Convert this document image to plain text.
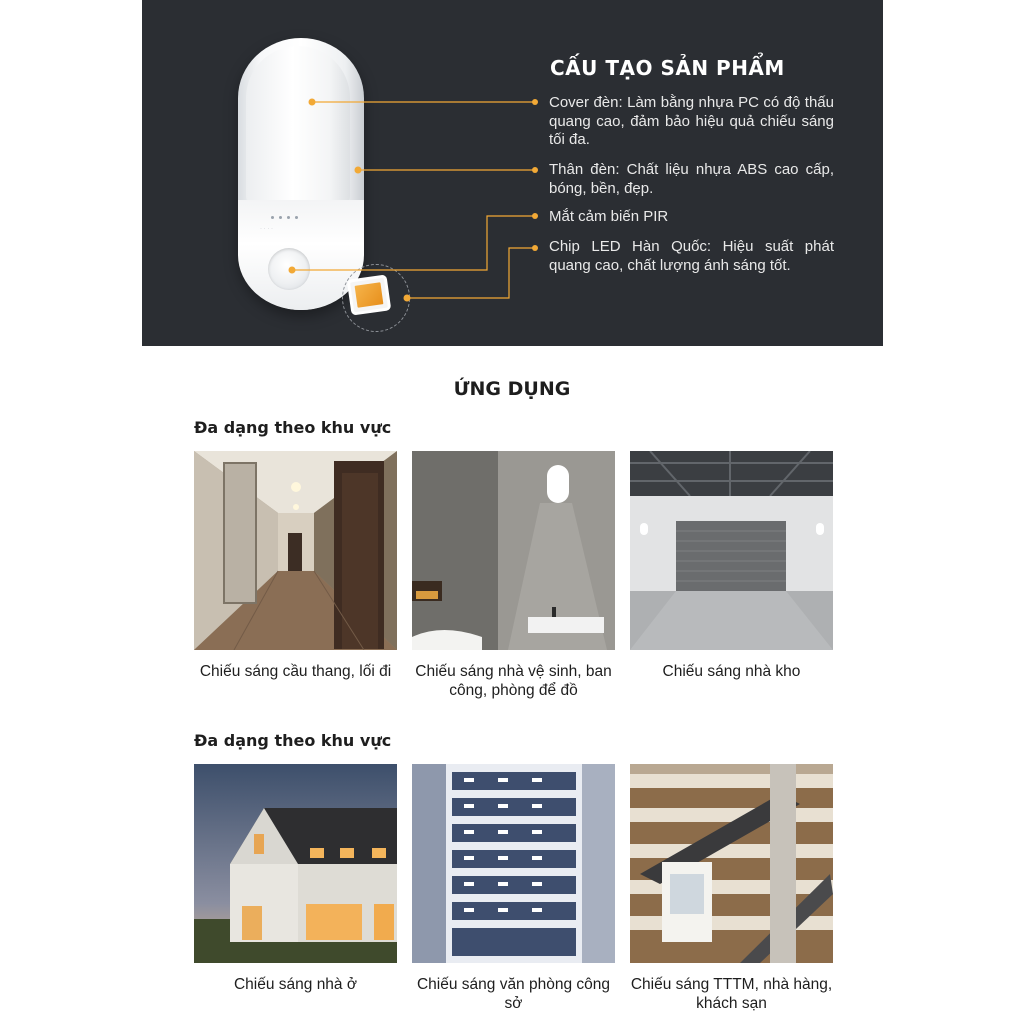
· · · ·
CẤU TẠO SẢN PHẨM

Cover đèn: Làm bằng nhựa PC có độ thấu quang cao, đảm bảo hiệu quả chiếu sáng tối đa.

Thân đèn: Chất liệu nhựa ABS cao cấp, bóng, bền, đẹp.

Mắt cảm biến PIR

Chip LED Hàn Quốc: Hiệu suất phát quang cao, chất lượng ánh sáng tốt.

ỨNG DỤNG
Đa dạng theo khu vực

Chiếu sáng cầu thang, lối đi	Chiếu sáng nhà vệ sinh, ban công, phòng để đồ

Chiếu sáng nhà kho

Đa dạng theo khu vực

Chiếu sáng nhà ở	Chiếu sáng văn phòng công sở

Chiếu sáng TTTM, nhà hàng, khách sạn
